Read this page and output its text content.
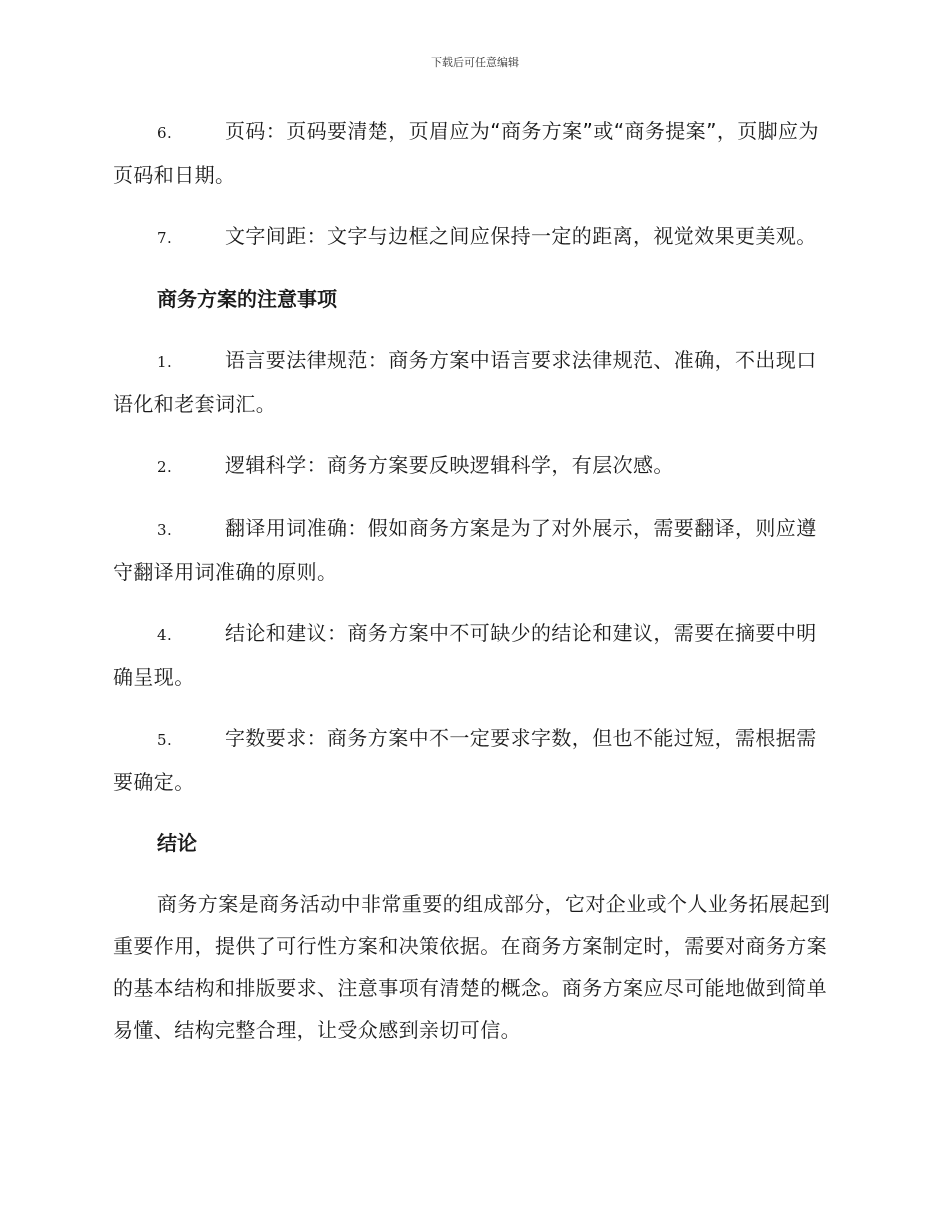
下载后可任意编辑

6.	页码：页码要清楚，页眉应为“商务方案”或“商务提案”，页脚应为页码和日期。

7.	文字间距：文字与边框之间应保持一定的距离，视觉效果更美观。

商务方案的注意事项

1.	语言要法律规范：商务方案中语言要求法律规范、准确，不出现口语化和老套词汇。

2.	逻辑科学：商务方案要反映逻辑科学，有层次感。

3.	翻译用词准确：假如商务方案是为了对外展示，需要翻译，则应遵守翻译用词准确的原则。

4.	结论和建议：商务方案中不可缺少的结论和建议，需要在摘要中明确呈现。

5.	字数要求：商务方案中不一定要求字数，但也不能过短，需根据需要确定。

结论

商务方案是商务活动中非常重要的组成部分，它对企业或个人业务拓展起到重要作用，提供了可行性方案和决策依据。在商务方案制定时，需要对商务方案的基本结构和排版要求、注意事项有清楚的概念。商务方案应尽可能地做到简单易懂、结构完整合理，让受众感到亲切可信。
